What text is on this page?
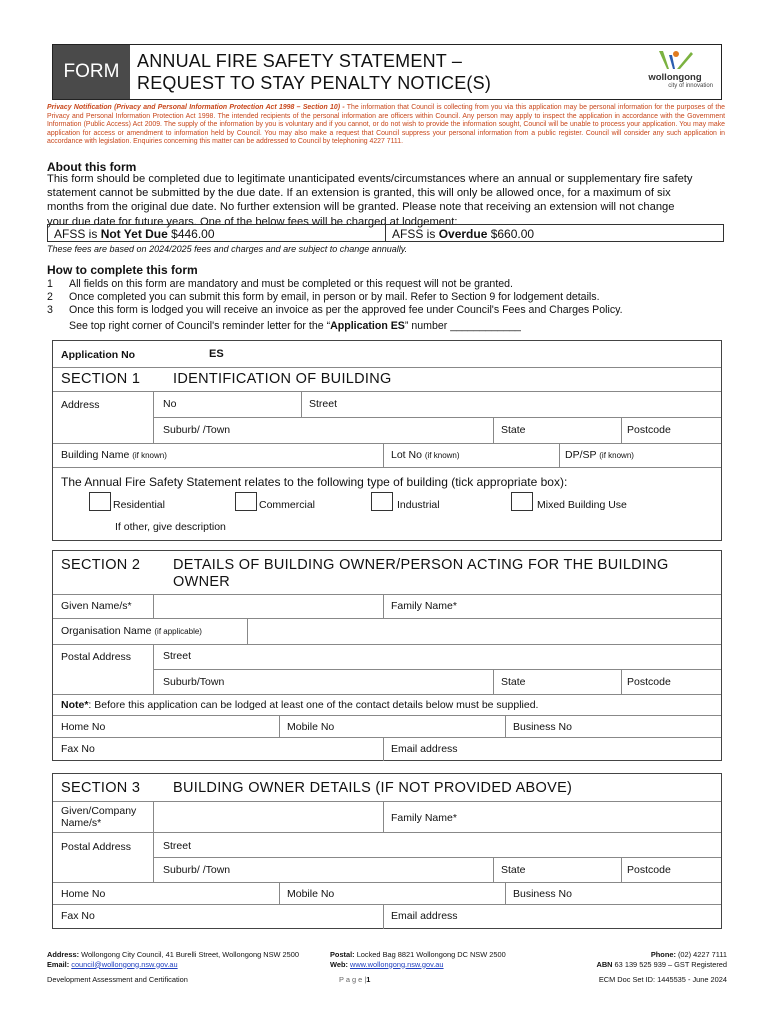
FORM ANNUAL FIRE SAFETY STATEMENT –
REQUEST TO STAY PENALTY NOTICE(S)	wollongong
city of innovation
Privacy Notification (Privacy and Personal Information Protection Act 1998 – Section 10) - The information that Council is collecting from you via this application may be personal information for the purposes of the Privacy and Personal Information Protection Act 1998. The intended recipients of the personal information are officers within Council. Any person may apply to inspect the application in accordance with the Government Information (Public Access) Act 2009. The supply of the information by you is voluntary and if you cannot, or do not wish to provide the information sought, Council will be unable to process your application. You may make application for access or amendment to information held by Council. You may also make a request that Council suppress your personal information from a public register. Council will consider any such application in accordance with legislation. Enquiries concerning this matter can be addressed to Council by telephoning 4227 7111.
About this form
This form should be completed due to legitimate unanticipated events/circumstances where an annual or supplementary fire safety
statement cannot be submitted by the due date. If an extension is granted, this will only be allowed once, for a maximum of six
months from the original due date. No further extension will be granted. Please note that receiving an extension will not change
your due date for future years. One of the below fees will be charged at lodgement:
AFSS is Not Yet Due $446.00	AFSS is Overdue $660.00
These fees are based on 2024/2025 fees and charges and are subject to change annually.
How to complete this form
1	All fields on this form are mandatory and must be completed or this request will not be granted.
2	Once completed you can submit this form by email, in person or by mail. Refer to Section 9 for lodgement details.
3	Once this form is lodged you will receive an invoice as per the approved fee under Council's Fees and Charges Policy.
See top right corner of Council's reminder letter for the “Application ES” number ____________
Application No	ES
SECTION 1 IDENTIFICATION OF BUILDING
Address	No	Street
Suburb/ /Town	State	Postcode
Building Name (if known)	Lot No (if known)	DP/SP (if known)
The Annual Fire Safety Statement relates to the following type of building (tick appropriate box):
Residential	Commercial	Industrial	Mixed Building Use
If other, give description
SECTION 2 DETAILS OF BUILDING OWNER/PERSON ACTING FOR THE BUILDING
OWNER
Given Name/s*	Family Name*
Organisation Name (if applicable)
Postal Address	Street
Suburb/Town	State	Postcode
Note*: Before this application can be lodged at least one of the contact details below must be supplied.
Home No	Mobile No	Business No
Fax No	Email address
SECTION 3 BUILDING OWNER DETAILS (IF NOT PROVIDED ABOVE)
Given/Company
Name/s*	Family Name*
Postal Address	Street
Suburb/ /Town	State	Postcode
Home No	Mobile No	Business No
Fax No	Email address
Address: Wollongong City Council, 41 Burelli Street, Wollongong NSW 2500
Email: council@wollongong.nsw.gov.au
Postal: Locked Bag 8821 Wollongong DC NSW 2500
Web: www.wollongong.nsw.gov.au
Phone: (02) 4227 7111
ABN 63 139 525 939 – GST Registered
Development Assessment and Certification	P a g e |1	ECM Doc Set ID: 1445535 - June 2024
